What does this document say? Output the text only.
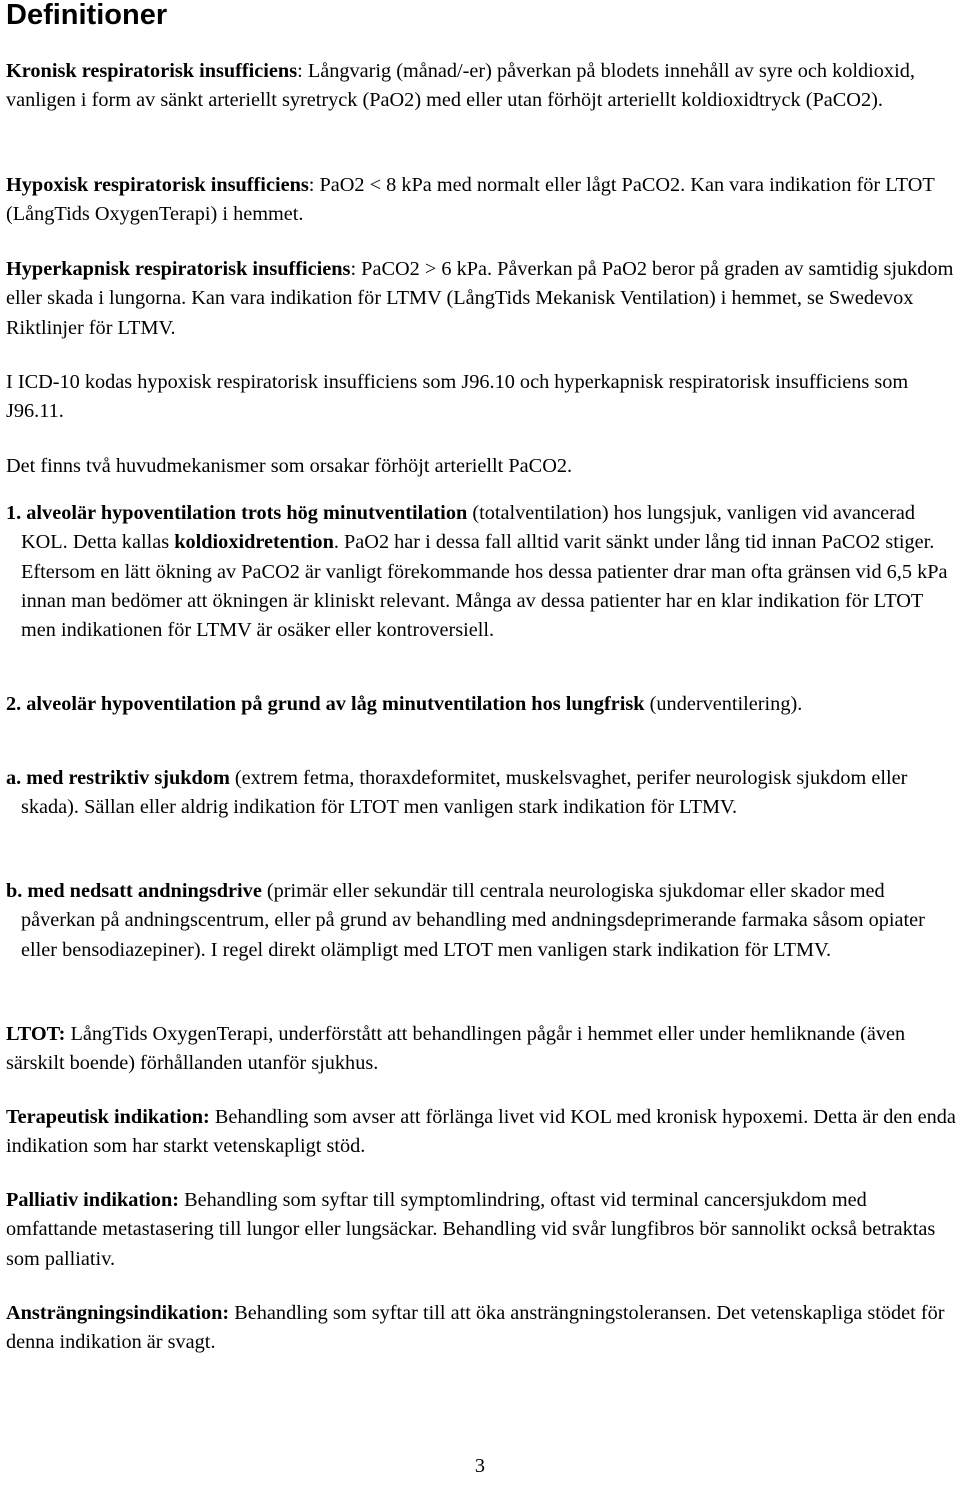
Definitioner

Kronisk respiratorisk insufficiens: Långvarig (månad/-er) påverkan på blodets innehåll av syre och koldioxid, vanligen i form av sänkt arteriellt syretryck (PaO2) med eller utan förhöjt arteriellt koldioxidtryck (PaCO2).

Hypoxisk respiratorisk insufficiens: PaO2 < 8 kPa med normalt eller lågt PaCO2. Kan vara indikation för LTOT (LångTids OxygenTerapi) i hemmet.

Hyperkapnisk respiratorisk insufficiens: PaCO2 > 6 kPa. Påverkan på PaO2 beror på graden av samtidig sjukdom eller skada i lungorna. Kan vara indikation för LTMV (LångTids Mekanisk Ventilation) i hemmet, se Swedevox Riktlinjer för LTMV.

I ICD-10 kodas hypoxisk respiratorisk insufficiens som J96.10 och hyperkapnisk respiratorisk insufficiens som J96.11.

Det finns två huvudmekanismer som orsakar förhöjt arteriellt PaCO2.

1. alveolär hypoventilation trots hög minutventilation (totalventilation) hos lungsjuk, vanligen vid avancerad KOL. Detta kallas koldioxidretention. PaO2 har i dessa fall alltid varit sänkt under lång tid innan PaCO2 stiger. Eftersom en lätt ökning av PaCO2 är vanligt förekommande hos dessa patienter drar man ofta gränsen vid 6,5 kPa innan man bedömer att ökningen är kliniskt relevant. Många av dessa patienter har en klar indikation för LTOT men indikationen för LTMV är osäker eller kontroversiell.

2. alveolär hypoventilation på grund av låg minutventilation hos lungfrisk (underventilering).

a. med restriktiv sjukdom (extrem fetma, thoraxdeformitet, muskelsvaghet, perifer neurologisk sjukdom eller skada). Sällan eller aldrig indikation för LTOT men vanligen stark indikation för LTMV.

b. med nedsatt andningsdrive (primär eller sekundär till centrala neurologiska sjukdomar eller skador med påverkan på andningscentrum, eller på grund av behandling med andningsdeprimerande farmaka såsom opiater eller bensodiazepiner). I regel direkt olämpligt med LTOT men vanligen stark indikation för LTMV.

LTOT: LångTids OxygenTerapi, underförstått att behandlingen pågår i hemmet eller under hemliknande (även särskilt boende) förhållanden utanför sjukhus.

Terapeutisk indikation: Behandling som avser att förlänga livet vid KOL med kronisk hypoxemi. Detta är den enda indikation som har starkt vetenskapligt stöd.

Palliativ indikation: Behandling som syftar till symptomlindring, oftast vid terminal cancersjukdom med omfattande metastasering till lungor eller lungsäckar. Behandling vid svår lungfibros bör sannolikt också betraktas som palliativ.

Ansträngningsindikation: Behandling som syftar till att öka ansträngningstoleransen. Det vetenskapliga stödet för denna indikation är svagt.

3
